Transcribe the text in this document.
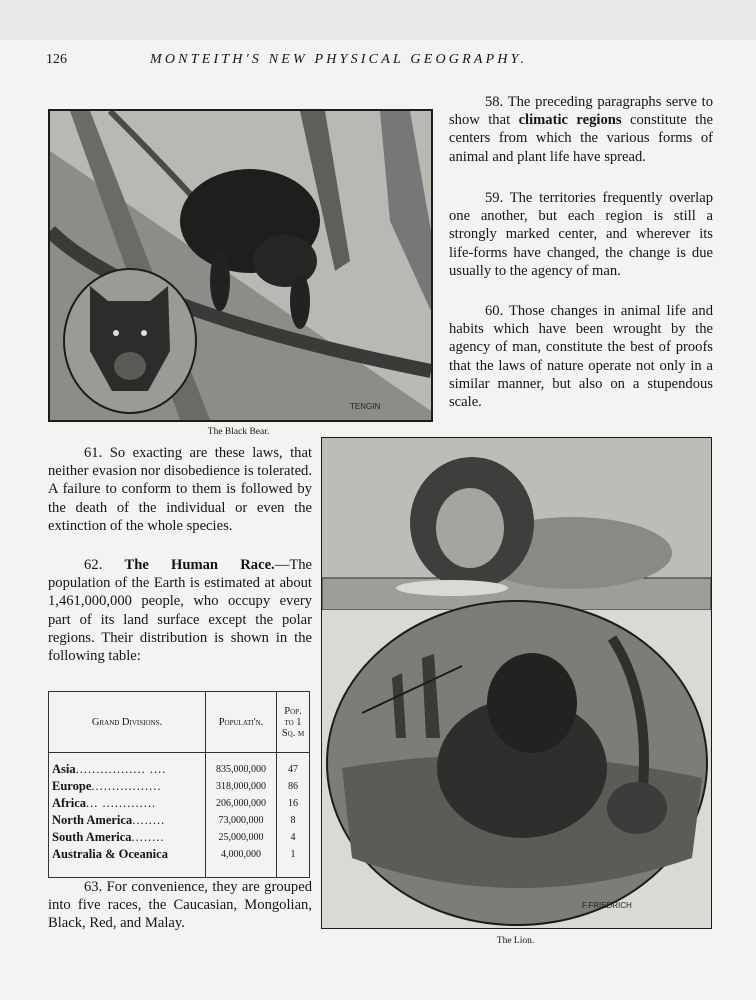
126	MONTEITH'S NEW PHYSICAL GEOGRAPHY.
TENGIN
The Black Bear.

58. The preceding paragraphs serve to show that climatic regions constitute the centers from which the various forms of animal and plant life have spread.

59. The territories frequently overlap one another, but each region is still a strongly marked center, and wherever its life-forms have changed, the change is due usually to the agency of man.

60. Those changes in animal life and habits which have been wrought by the agency of man, constitute the best of proofs that the laws of nature operate not only in a similar manner, but also on a stupendous scale.

61. So exacting are these laws, that neither evasion nor disobedience is tolerated. A failure to conform to them is followed by the death of the individual or even the extinction of the whole species.

62. The Human Race.—The population of the Earth is estimated at about 1,461,000,000 people, who occupy every part of its land surface except the polar regions. Their distribution is shown in the following table:

Grand Divisions.	Populati'n.	Pop. to 1 Sq. m

Asia................. ....	835,000,000	47
Europe.................	318,000,000	86
Africa... .............	206,000,000	16
North America........	73,000,000	8
South America........	25,000,000	4
Australia & Oceanica	4,000,000	1

63. For convenience, they are grouped into five races, the Caucasian, Mongolian, Black, Red, and Malay.

F.FRIEDRICH
The Lion.
